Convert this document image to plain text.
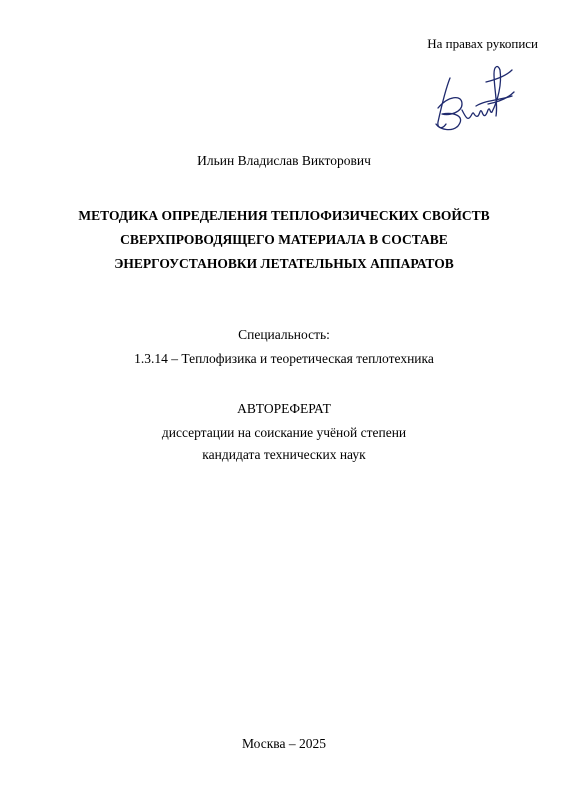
На правах рукописи
Ильин Владислав Викторович
МЕТОДИКА ОПРЕДЕЛЕНИЯ ТЕПЛОФИЗИЧЕСКИХ СВОЙСТВ
СВЕРХПРОВОДЯЩЕГО МАТЕРИАЛА В СОСТАВЕ
ЭНЕРГОУСТАНОВКИ ЛЕТАТЕЛЬНЫХ АППАРАТОВ
Специальность:
1.3.14 – Теплофизика и теоретическая теплотехника
АВТОРЕФЕРАТ
диссертации на соискание учёной степени
кандидата технических наук
Москва – 2025
